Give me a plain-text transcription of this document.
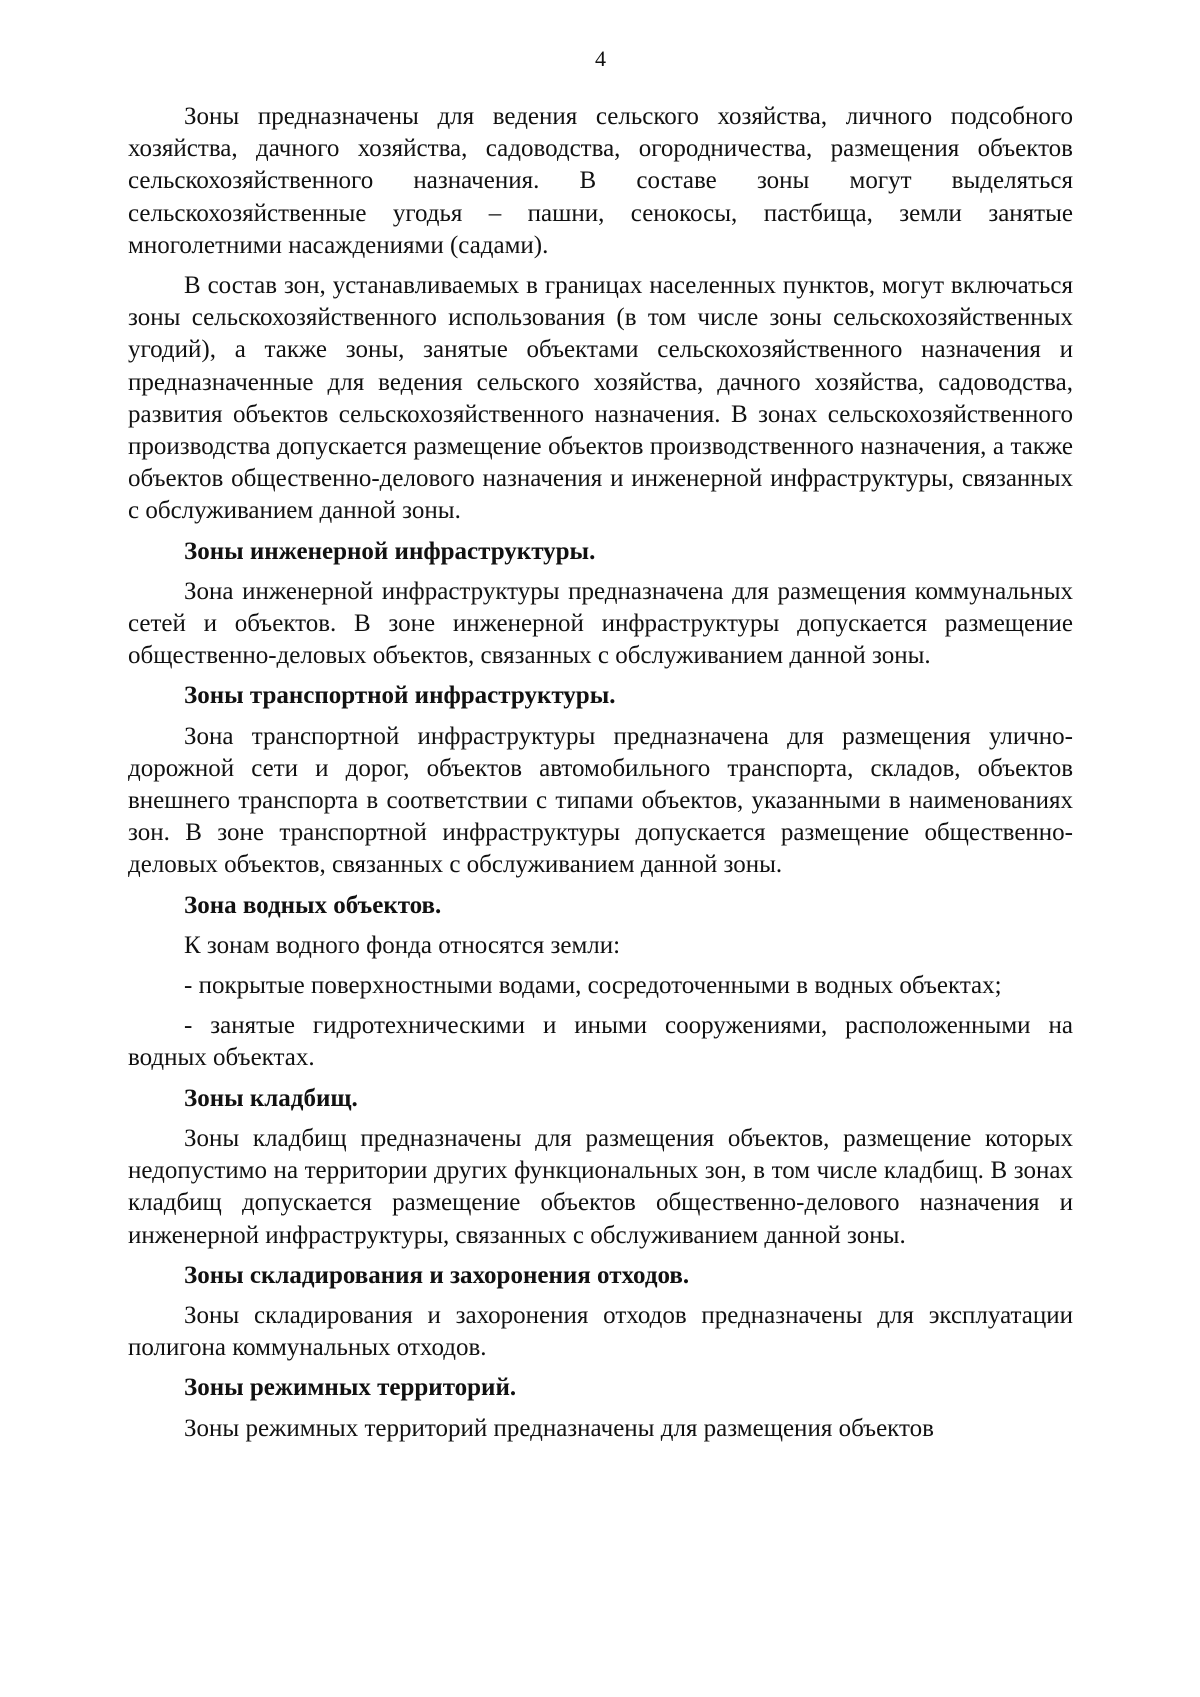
4

Зоны предназначены для ведения сельского хозяйства, личного подсобного хозяйства, дачного хозяйства, садоводства, огородничества, размещения объектов сельскохозяйственного назначения. В составе зоны могут выделяться сельскохозяйственные угодья – пашни, сенокосы, пастбища, земли занятые многолетними насаждениями (садами).

В состав зон, устанавливаемых в границах населенных пунктов, могут включаться зоны сельскохозяйственного использования (в том числе зоны сельскохозяйственных угодий), а также зоны, занятые объектами сельскохозяйственного назначения и предназначенные для ведения сельского хозяйства, дачного хозяйства, садоводства, развития объектов сельскохозяйственного назначения. В зонах сельскохозяйственного производства допускается размещение объектов производственного назначения, а также объектов общественно-делового назначения и инженерной инфраструктуры, связанных с обслуживанием данной зоны.

Зоны инженерной инфраструктуры.

Зона инженерной инфраструктуры предназначена для размещения коммунальных сетей и объектов. В зоне инженерной инфраструктуры допускается размещение общественно-деловых объектов, связанных с обслуживанием данной зоны.

Зоны транспортной инфраструктуры.

Зона транспортной инфраструктуры предназначена для размещения улично-дорожной сети и дорог, объектов автомобильного транспорта, складов, объектов внешнего транспорта в соответствии с типами объектов, указанными в наименованиях зон. В зоне транспортной инфраструктуры допускается размещение общественно-деловых объектов, связанных с обслуживанием данной зоны.

Зона водных объектов.

К зонам водного фонда относятся земли:

- покрытые поверхностными водами, сосредоточенными в водных объектах;

- занятые гидротехническими и иными сооружениями, расположенными на водных объектах.

Зоны кладбищ.

Зоны кладбищ предназначены для размещения объектов, размещение которых недопустимо на территории других функциональных зон, в том числе кладбищ. В зонах кладбищ допускается размещение объектов общественно-делового назначения и инженерной инфраструктуры, связанных с обслуживанием данной зоны.

Зоны складирования и захоронения отходов.

Зоны складирования и захоронения отходов предназначены для эксплуатации полигона коммунальных отходов.

Зоны режимных территорий.

Зоны режимных территорий предназначены для размещения объектов
